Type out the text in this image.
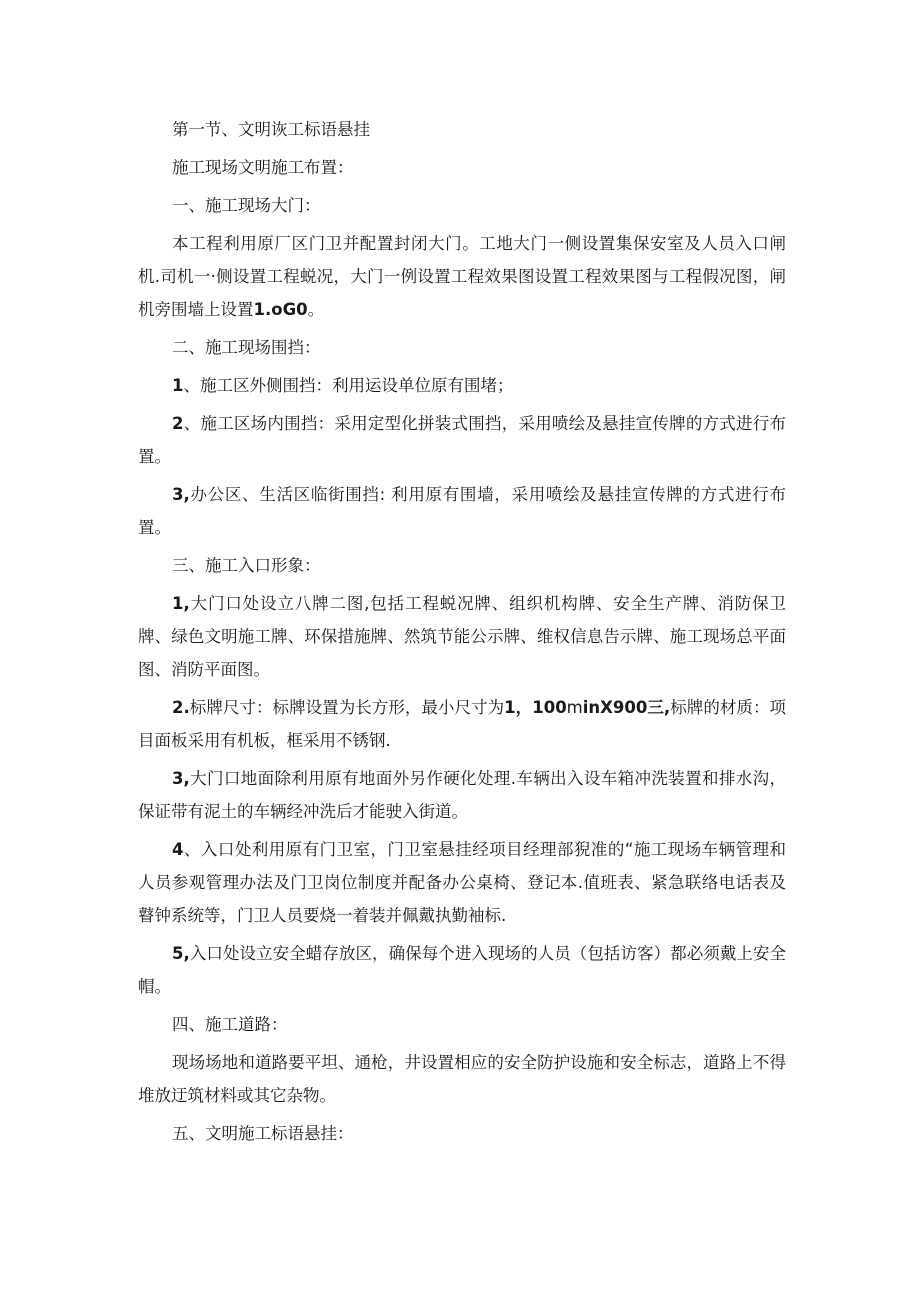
第一节、文明诙工标语悬挂

施工现场文明施工布置：

一、施工现场大门：

本工程利用原厂区门卫并配置封闭大门。工地大门一侧设置集保安室及人员入口闸机.司机一·侧设置工程蜕况，大门一例设置工程效果图设置工程效果图与工程假况图，闸机旁围墙上设置1.oG0。

二、施工现场围挡：

1、施工区外侧围挡：利用运设单位原有围堵；

2、施工区场内围挡：采用定型化拼装式围挡，采用喷绘及悬挂宣传牌的方式进行布置。

3,办公区、生活区临街围挡: 利用原有围墙，采用喷绘及悬挂宣传牌的方式进行布置。

三、施工入口形象：

1,大门口处设立八牌二图,包括工程蜕况牌、组织机构牌、安全生产牌、消防保卫牌、绿色文明施工牌、环保措施牌、然筑节能公示牌、维权信息告示牌、施工现场总平面图、消防平面图。

2.标牌尺寸：标牌设置为长方形，最小尺寸为1，100minX900三,标牌的材质：项目面板采用有机板，框采用不锈钢.

3,大门口地面除利用原有地面外另作硬化处理.车辆出入设车箱冲洗装置和排水沟，保证带有泥土的车辆经冲洗后才能驶入街道。

4、入口处利用原有门卫室，门卫室悬挂经项目经理部猊准的“施工现场车辆管理和人员参观管理办法及门卫岗位制度并配备办公桌椅、登记本.值班表、紧急联络电话表及瞽钟系统等，门卫人员要烧一着装并佩戴执勤袖标.

5,入口处设立安全蜡存放区，确保每个进入现场的人员（包括访客）都必须戴上安全帽。

四、施工道路：

现场场地和道路要平坦、通枪，井设置相应的安全防护设施和安全标志，道路上不得堆放迂筑材料或其它杂物。

五、文明施工标语悬挂：
